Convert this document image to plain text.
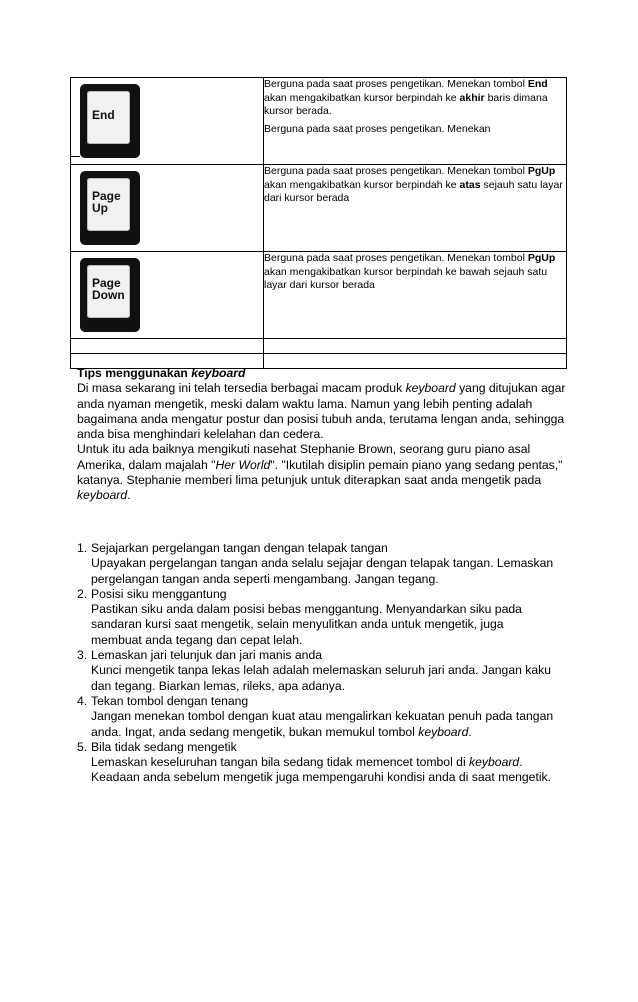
End	Berguna pada saat proses pengetikan. Menekan tombol End akan mengakibatkan kursor berpindah ke akhir baris dimana kursor berada.
Berguna pada saat proses pengetikan. Menekan

Page
Up	Berguna pada saat proses pengetikan. Menekan tombol PgUp akan mengakibatkan kursor berpindah ke atas sejauh satu layar dari kursor berada

Page
Down	Berguna pada saat proses pengetikan. Menekan tombol PgUp akan mengakibatkan kursor berpindah ke bawah sejauh satu layar dari kursor berada

Tips menggunakan keyboard

Di masa sekarang ini telah tersedia berbagai macam produk keyboard yang ditujukan agar anda nyaman mengetik, meski dalam waktu lama. Namun yang lebih penting adalah bagaimana anda mengatur postur dan posisi tubuh anda, terutama lengan anda, sehingga anda bisa menghindari kelelahan dan cedera.

Untuk itu ada baiknya mengikuti nasehat Stephanie Brown, seorang guru piano asal Amerika, dalam majalah "Her World". "Ikutilah disiplin pemain piano yang sedang pentas," katanya. Stephanie memberi lima petunjuk untuk diterapkan saat anda mengetik pada keyboard.

1. Sejajarkan pergelangan tangan dengan telapak tangan

Upayakan pergelangan tangan anda selalu sejajar dengan telapak tangan. Lemaskan pergelangan tangan anda seperti mengambang. Jangan tegang.

2. Posisi siku menggantung

Pastikan siku anda dalam posisi bebas menggantung. Menyandarkan siku pada sandaran kursi saat mengetik, selain menyulitkan anda untuk mengetik, juga membuat anda tegang dan cepat lelah.

3. Lemaskan jari telunjuk dan jari manis anda

Kunci mengetik tanpa lekas lelah adalah melemaskan seluruh jari anda. Jangan kaku dan tegang. Biarkan lemas, rileks, apa adanya.

4. Tekan tombol dengan tenang

Jangan menekan tombol dengan kuat atau mengalirkan kekuatan penuh pada tangan anda. Ingat, anda sedang mengetik, bukan memukul tombol keyboard.

5. Bila tidak sedang mengetik

Lemaskan keseluruhan tangan bila sedang tidak memencet tombol di keyboard. Keadaan anda sebelum mengetik juga mempengaruhi kondisi anda di saat mengetik.
